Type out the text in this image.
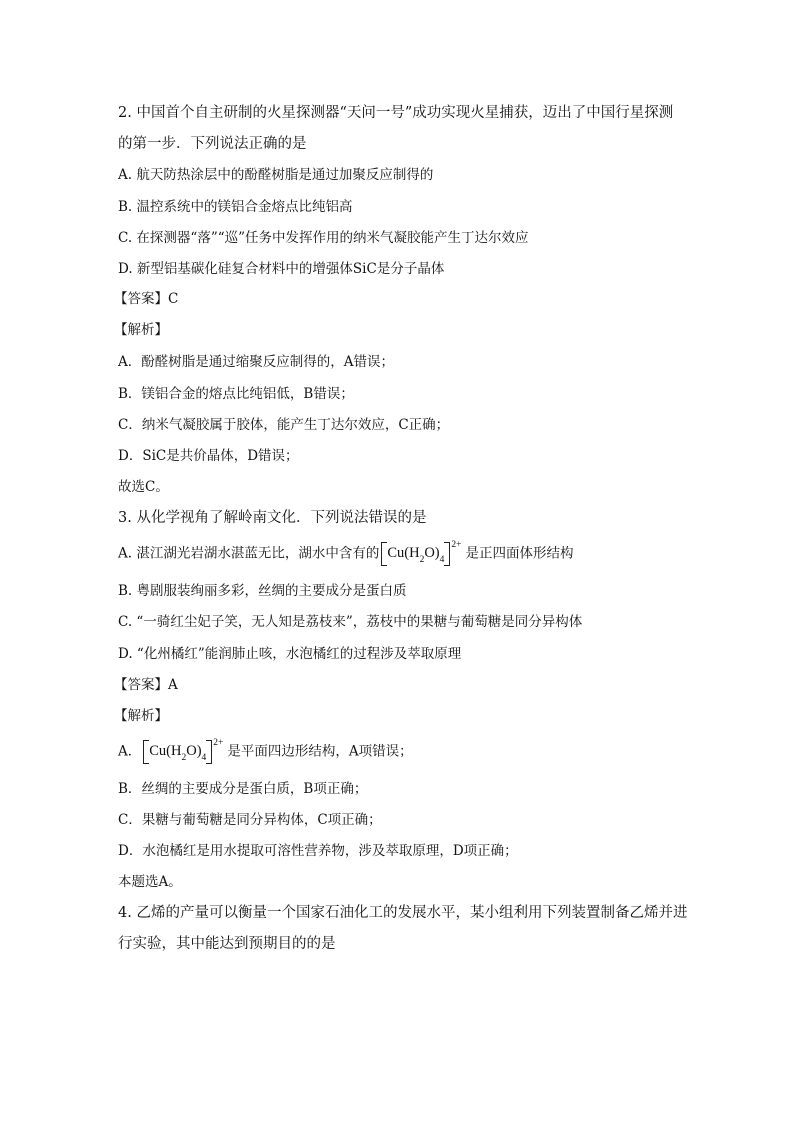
2. 中国首个自主研制的火星探测器“天问一号”成功实现火星捕获，迈出了中国行星探测
的第一步．下列说法正确的是
A. 航天防热涂层中的酚醛树脂是通过加聚反应制得的
B. 温控系统中的镁铝合金熔点比纯铝高
C. 在探测器“落”“巡”任务中发挥作用的纳米气凝胶能产生丁达尔效应
D. 新型铝基碳化硅复合材料中的增强体SiC是分子晶体
【答案】C
【解析】
A．酚醛树脂是通过缩聚反应制得的，A错误；
B．镁铝合金的熔点比纯铝低，B错误；
C．纳米气凝胶属于胶体，能产生丁达尔效应，C正确；
D．SiC是共价晶体，D错误；
故选C。
3. 从化学视角了解岭南文化．下列说法错误的是
A. 湛江湖光岩湖水湛蓝无比，湖水中含有的 $Cu(H_2O)_4^{2+}$是正四面体形结构
B. 粤剧服装绚丽多彩，丝绸的主要成分是蛋白质
C. “一骑红尘妃子笑，无人知是荔枝来”，荔枝中的果糖与葡萄糖是同分异构体
D. “化州橘红”能润肺止咳，水泡橘红的过程涉及萃取原理
【答案】A
【解析】
A． $Cu(H_2O)_4^{2+}$是平面四边形结构，A项错误；
B．丝绸的主要成分是蛋白质，B项正确；
C．果糖与葡萄糖是同分异构体，C项正确；
D．水泡橘红是用水提取可溶性营养物，涉及萃取原理，D项正确；
本题选A。
4. 乙烯的产量可以衡量一个国家石油化工的发展水平，某小组利用下列装置制备乙烯并进
行实验，其中能达到预期目的的是
